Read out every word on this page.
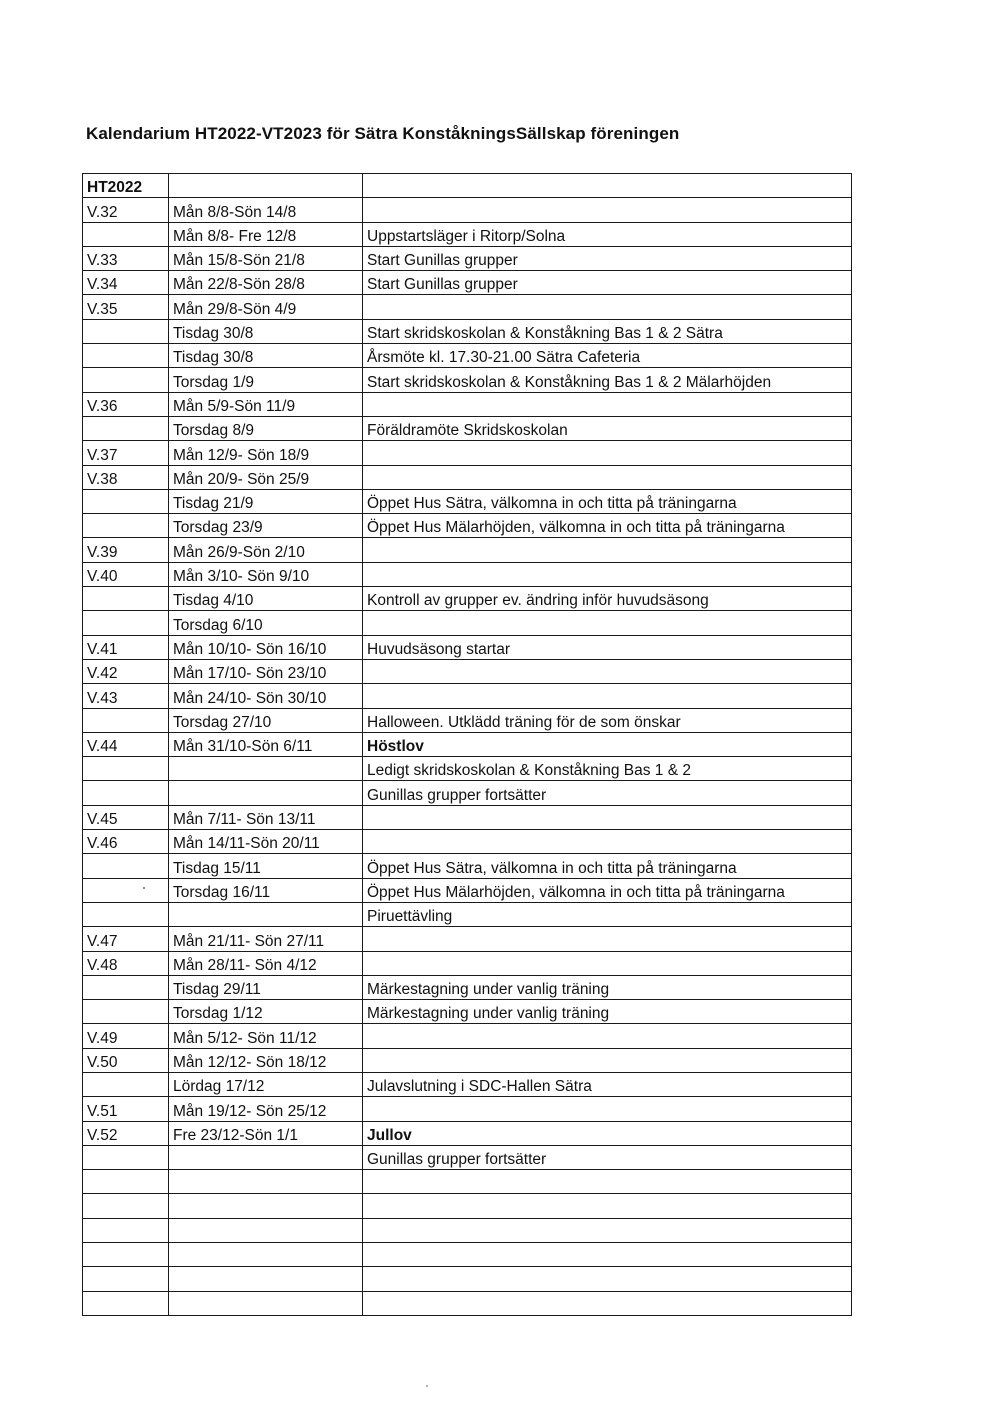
Kalendarium HT2022-VT2023 för Sätra KonståkningsSällskap föreningen
HT2022		
V.32	Mån 8/8-Sön 14/8	
	Mån 8/8- Fre 12/8	Uppstartsläger i Ritorp/Solna
V.33	Mån 15/8-Sön 21/8	Start Gunillas grupper
V.34	Mån 22/8-Sön 28/8	Start Gunillas grupper
V.35	Mån 29/8-Sön 4/9	
	Tisdag 30/8	Start skridskoskolan & Konståkning Bas 1 & 2 Sätra
	Tisdag 30/8	Årsmöte kl. 17.30-21.00 Sätra Cafeteria
	Torsdag 1/9	Start skridskoskolan & Konståkning Bas 1 & 2 Mälarhöjden
V.36	Mån 5/9-Sön 11/9	
	Torsdag 8/9	Föräldramöte Skridskoskolan
V.37	Mån 12/9- Sön 18/9	
V.38	Mån 20/9- Sön 25/9	
	Tisdag 21/9	Öppet Hus Sätra, välkomna in och titta på träningarna
	Torsdag 23/9	Öppet Hus Mälarhöjden, välkomna in och titta på träningarna
V.39	Mån 26/9-Sön 2/10	
V.40	Mån 3/10- Sön 9/10	
	Tisdag 4/10	Kontroll av grupper ev. ändring inför huvudsäsong
	Torsdag 6/10	
V.41	Mån 10/10- Sön 16/10	Huvudsäsong startar
V.42	Mån 17/10- Sön 23/10	
V.43	Mån 24/10- Sön 30/10	
	Torsdag 27/10	Halloween. Utklädd träning för de som önskar
V.44	Mån 31/10-Sön 6/11	Höstlov
		Ledigt skridskoskolan & Konståkning Bas 1 & 2
		Gunillas grupper fortsätter
V.45	Mån 7/11- Sön 13/11	
V.46	Mån 14/11-Sön 20/11	
	Tisdag 15/11	Öppet Hus Sätra, välkomna in och titta på träningarna
	Torsdag 16/11	Öppet Hus Mälarhöjden, välkomna in och titta på träningarna
		Piruettävling
V.47	Mån 21/11- Sön 27/11	
V.48	Mån 28/11- Sön 4/12	
	Tisdag 29/11	Märkestagning under vanlig träning
	Torsdag 1/12	Märkestagning under vanlig träning
V.49	Mån 5/12- Sön 11/12	
V.50	Mån 12/12- Sön 18/12	
	Lördag 17/12	Julavslutning i SDC-Hallen Sätra
V.51	Mån 19/12- Sön 25/12	
V.52	Fre 23/12-Sön 1/1	Jullov
		Gunillas grupper fortsätter
